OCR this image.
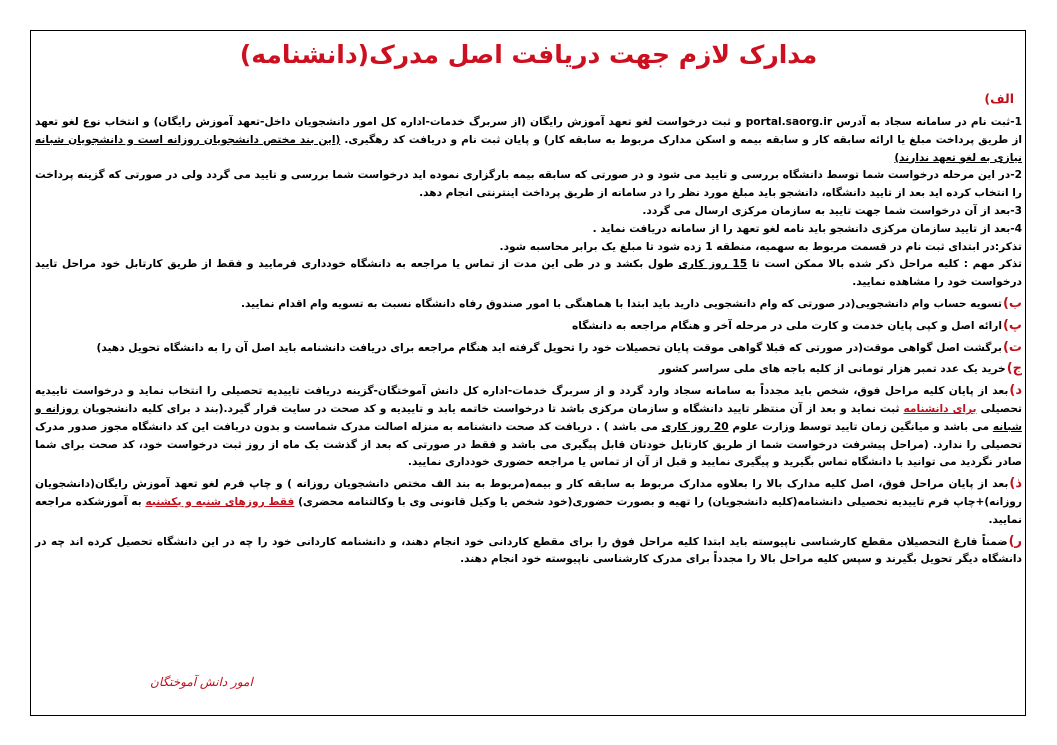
مدارک لازم جهت دریافت اصل مدرک(دانشنامه)
الف)

1-ثبت نام در سامانه سجاد به آدرس portal.saorg.ir و ثبت درخواست لغو تعهد آموزش رایگان (از سربرگ خدمات-اداره کل امور دانشجویان داخل-تعهد آموزش رایگان) و انتخاب نوع لغو تعهد از طریق پرداخت مبلغ یا ارائه سابقه کار و سابقه بیمه و اسکن مدارک مربوط به سابقه کار) و پایان ثبت نام و دریافت کد رهگیری. (این بند مختص دانشجویان روزانه است و دانشجویان شبانه نیازی به لغو تعهد ندارند)

2-در این مرحله درخواست شما توسط دانشگاه بررسی و تایید می شود و در صورتی که سابقه بیمه بارگزاری نموده اید درخواست شما بررسی و تایید می گردد ولی در صورتی که گزینه پرداخت را انتخاب کرده اید بعد از تایید دانشگاه، دانشجو باید مبلغ مورد نظر را در سامانه از طریق پرداخت اینترنتی انجام دهد.

3-بعد از آن درخواست شما جهت تایید به سازمان مرکزی ارسال می گردد.

4-بعد از تایید سازمان مرکزی دانشجو باید نامه لغو تعهد را از سامانه دریافت نماید .

تذکر:در ابتدای ثبت نام در قسمت مربوط به سهمیه، منطقه 1 زده شود تا مبلغ یک برابر محاسبه شود.

تذکر مهم : کلیه مراحل ذکر شده بالا ممکن است تا 15 روز کاری طول بکشد و در طی این مدت از تماس یا مراجعه به دانشگاه خودداری فرمایید و فقط از طریق کارتابل خود مراحل تایید درخواست خود را مشاهده نمایید.

ب)تسویه حساب وام دانشجویی(در صورتی که وام دانشجویی دارید باید ابتدا با هماهنگی با امور صندوق رفاه دانشگاه نسبت به تسویه وام اقدام نمایید.

پ)ارائه اصل و کپی پایان خدمت و کارت ملی در مرحله آخر و هنگام مراجعه به دانشگاه

ت)برگشت اصل گواهی موقت(در صورتی که قبلا گواهی موقت پایان تحصیلات خود را تحویل گرفته اید هنگام مراجعه برای دریافت دانشنامه باید اصل آن را به دانشگاه تحویل دهید)

ج)خرید یک عدد تمبر هزار تومانی از کلیه باجه های ملی سراسر کشور

د)بعد از پایان کلیه مراحل فوق، شخص باید مجدداً به سامانه سجاد وارد گردد و از سربرگ خدمات-اداره کل دانش آموختگان-گزینه دریافت تاییدیه تحصیلی را انتخاب نماید و درخواست تاییدیه تحصیلی برای دانشنامه ثبت نماید و بعد از آن منتظر تایید دانشگاه و سازمان مرکزی باشد تا درخواست خاتمه یابد و تاییدیه و کد صحت در سایت قرار گیرد.(بند د برای کلیه دانشجویان روزانه و شبانه می باشد و میانگین زمان تایید توسط وزارت علوم 20 روز کاری می باشد ) . دریافت کد صحت دانشنامه به منزله اصالت مدرک شماست و بدون دریافت این کد دانشگاه مجوز صدور مدرک تحصیلی را ندارد. (مراحل پیشرفت درخواست شما از طریق کارتابل خودتان قابل پیگیری می باشد و فقط در صورتی که بعد از گذشت یک ماه از روز ثبت درخواست خود، کد صحت برای شما صادر نگردید می توانید با دانشگاه تماس بگیرید و پیگیری نمایید و قبل از آن از تماس یا مراجعه حضوری خودداری نمایید.

ذ)بعد از پایان مراحل فوق، اصل کلیه مدارک بالا را بعلاوه مدارک مربوط به سابقه کار و بیمه(مربوط به بند الف مختص دانشجویان روزانه ) و چاپ فرم لغو تعهد آموزش رایگان(دانشجویان روزانه)+چاپ فرم تاییدیه تحصیلی دانشنامه(کلیه دانشجویان) را تهیه و بصورت حضوری(خود شخص یا وکیل قانونی وی با وکالتنامه محضری) فقط روزهای شنبه و یکشنبه به آموزشکده مراجعه نمایید.

ر)ضمناً فارغ التحصیلان مقطع کارشناسی ناپیوسته باید ابتدا کلیه مراحل فوق را برای مقطع کاردانی خود انجام دهند، و دانشنامه کاردانی خود را چه در این دانشگاه تحصیل کرده اند چه در دانشگاه دیگر تحویل بگیرند و سپس کلیه مراحل بالا را مجدداً برای مدرک کارشناسی ناپیوسته خود انجام دهند.

امور دانش آموختگان
